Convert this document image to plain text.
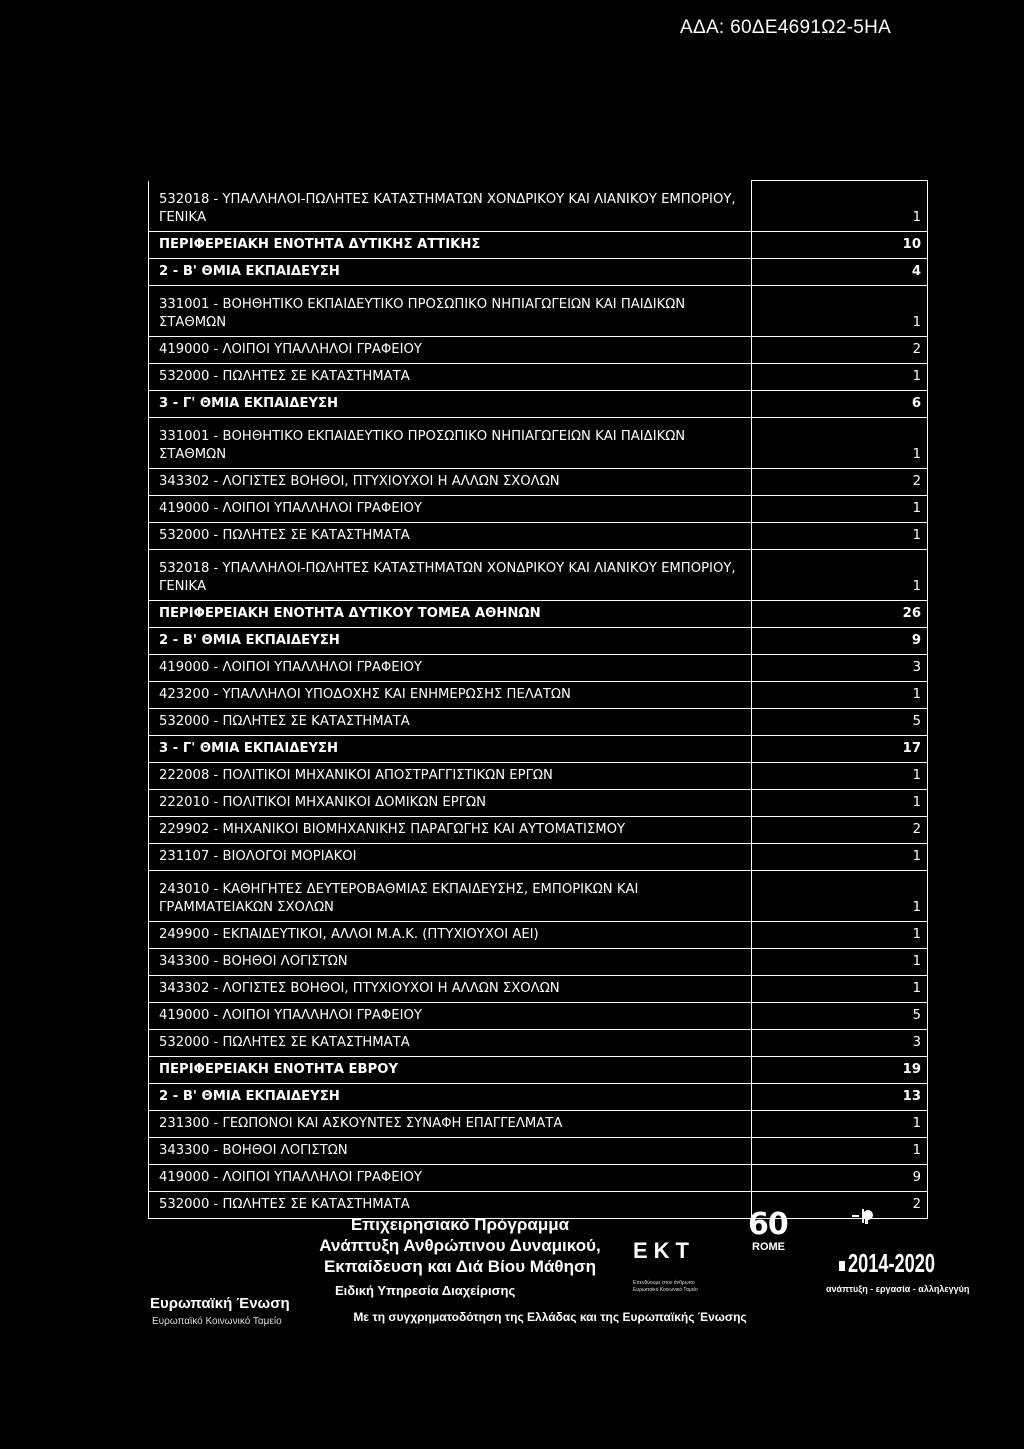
ΑΔΑ: 60ΔΕ4691Ω2-5ΗΑ
532018 - ΥΠΑΛΛΗΛΟΙ-ΠΩΛΗΤΕΣ ΚΑΤΑΣΤΗΜΑΤΩΝ ΧΟΝΔΡΙΚΟΥ ΚΑΙ ΛΙΑΝΙΚΟΥ ΕΜΠΟΡΙΟΥ, ΓΕΝΙΚΑ	1
ΠΕΡΙΦΕΡΕΙΑΚΗ ΕΝΟΤΗΤΑ ΔΥΤΙΚΗΣ ΑΤΤΙΚΗΣ	10
2 - Β' ΘΜΙΑ ΕΚΠΑΙΔΕΥΣΗ	4
331001 - ΒΟΗΘΗΤΙΚΟ ΕΚΠΑΙΔΕΥΤΙΚΟ ΠΡΟΣΩΠΙΚΟ ΝΗΠΙΑΓΩΓΕΙΩΝ ΚΑΙ ΠΑΙΔΙΚΩΝ ΣΤΑΘΜΩΝ	1
419000 - ΛΟΙΠΟΙ ΥΠΑΛΛΗΛΟΙ ΓΡΑΦΕΙΟΥ	2
532000 - ΠΩΛΗΤΕΣ ΣΕ ΚΑΤΑΣΤΗΜΑΤΑ	1
3 - Γ' ΘΜΙΑ ΕΚΠΑΙΔΕΥΣΗ	6
331001 - ΒΟΗΘΗΤΙΚΟ ΕΚΠΑΙΔΕΥΤΙΚΟ ΠΡΟΣΩΠΙΚΟ ΝΗΠΙΑΓΩΓΕΙΩΝ ΚΑΙ ΠΑΙΔΙΚΩΝ ΣΤΑΘΜΩΝ	1
343302 - ΛΟΓΙΣΤΕΣ ΒΟΗΘΟΙ, ΠΤΥΧΙΟΥΧΟΙ Η ΑΛΛΩΝ ΣΧΟΛΩΝ	2
419000 - ΛΟΙΠΟΙ ΥΠΑΛΛΗΛΟΙ ΓΡΑΦΕΙΟΥ	1
532000 - ΠΩΛΗΤΕΣ ΣΕ ΚΑΤΑΣΤΗΜΑΤΑ	1
532018 - ΥΠΑΛΛΗΛΟΙ-ΠΩΛΗΤΕΣ ΚΑΤΑΣΤΗΜΑΤΩΝ ΧΟΝΔΡΙΚΟΥ ΚΑΙ ΛΙΑΝΙΚΟΥ ΕΜΠΟΡΙΟΥ, ΓΕΝΙΚΑ	1
ΠΕΡΙΦΕΡΕΙΑΚΗ ΕΝΟΤΗΤΑ ΔΥΤΙΚΟΥ ΤΟΜΕΑ ΑΘΗΝΩΝ	26
2 - Β' ΘΜΙΑ ΕΚΠΑΙΔΕΥΣΗ	9
419000 - ΛΟΙΠΟΙ ΥΠΑΛΛΗΛΟΙ ΓΡΑΦΕΙΟΥ	3
423200 - ΥΠΑΛΛΗΛΟΙ ΥΠΟΔΟΧΗΣ ΚΑΙ ΕΝΗΜΕΡΩΣΗΣ ΠΕΛΑΤΩΝ	1
532000 - ΠΩΛΗΤΕΣ ΣΕ ΚΑΤΑΣΤΗΜΑΤΑ	5
3 - Γ' ΘΜΙΑ ΕΚΠΑΙΔΕΥΣΗ	17
222008 - ΠΟΛΙΤΙΚΟΙ ΜΗΧΑΝΙΚΟΙ ΑΠΟΣΤΡΑΓΓΙΣΤΙΚΩΝ ΕΡΓΩΝ	1
222010 - ΠΟΛΙΤΙΚΟΙ ΜΗΧΑΝΙΚΟΙ ΔΟΜΙΚΩΝ ΕΡΓΩΝ	1
229902 - ΜΗΧΑΝΙΚΟΙ ΒΙΟΜΗΧΑΝΙΚΗΣ ΠΑΡΑΓΩΓΗΣ ΚΑΙ ΑΥΤΟΜΑΤΙΣΜΟΥ	2
231107 - ΒΙΟΛΟΓΟΙ ΜΟΡΙΑΚΟΙ	1
243010 - ΚΑΘΗΓΗΤΕΣ ΔΕΥΤΕΡΟΒΑΘΜΙΑΣ ΕΚΠΑΙΔΕΥΣΗΣ, ΕΜΠΟΡΙΚΩΝ ΚΑΙ ΓΡΑΜΜΑΤΕΙΑΚΩΝ ΣΧΟΛΩΝ	1
249900 - ΕΚΠΑΙΔΕΥΤΙΚΟΙ, ΑΛΛΟΙ Μ.Α.Κ. (ΠΤΥΧΙΟΥΧΟΙ ΑΕΙ)	1
343300 - ΒΟΗΘΟΙ ΛΟΓΙΣΤΩΝ	1
343302 - ΛΟΓΙΣΤΕΣ ΒΟΗΘΟΙ, ΠΤΥΧΙΟΥΧΟΙ Η ΑΛΛΩΝ ΣΧΟΛΩΝ	1
419000 - ΛΟΙΠΟΙ ΥΠΑΛΛΗΛΟΙ ΓΡΑΦΕΙΟΥ	5
532000 - ΠΩΛΗΤΕΣ ΣΕ ΚΑΤΑΣΤΗΜΑΤΑ	3
ΠΕΡΙΦΕΡΕΙΑΚΗ ΕΝΟΤΗΤΑ ΕΒΡΟΥ	19
2 - Β' ΘΜΙΑ ΕΚΠΑΙΔΕΥΣΗ	13
231300 - ΓΕΩΠΟΝΟΙ ΚΑΙ ΑΣΚΟΥΝΤΕΣ ΣΥΝΑΦΗ ΕΠΑΓΓΕΛΜΑΤΑ	1
343300 - ΒΟΗΘΟΙ ΛΟΓΙΣΤΩΝ	1
419000 - ΛΟΙΠΟΙ ΥΠΑΛΛΗΛΟΙ ΓΡΑΦΕΙΟΥ	9
532000 - ΠΩΛΗΤΕΣ ΣΕ ΚΑΤΑΣΤΗΜΑΤΑ	2
Ευρωπαϊκή Ένωση
Ευρωπαϊκό Κοινωνικό Ταμείο
Επιχειρησιακό Πρόγραμμα
Ανάπτυξη Ανθρώπινου Δυναμικού,
Εκπαίδευση και Διά Βίου Μάθηση
Ειδική Υπηρεσία Διαχείρισης
Με τη συγχρηματοδότηση της Ελλάδας και της Ευρωπαϊκής Ένωσης
ΕΚΤ
Επενδύουμε στον άνθρωπο
Ευρωπαϊκό Κοινωνικό Ταμείο
60
ROME
2014-2020
ανάπτυξη - εργασία - αλληλεγγύη
